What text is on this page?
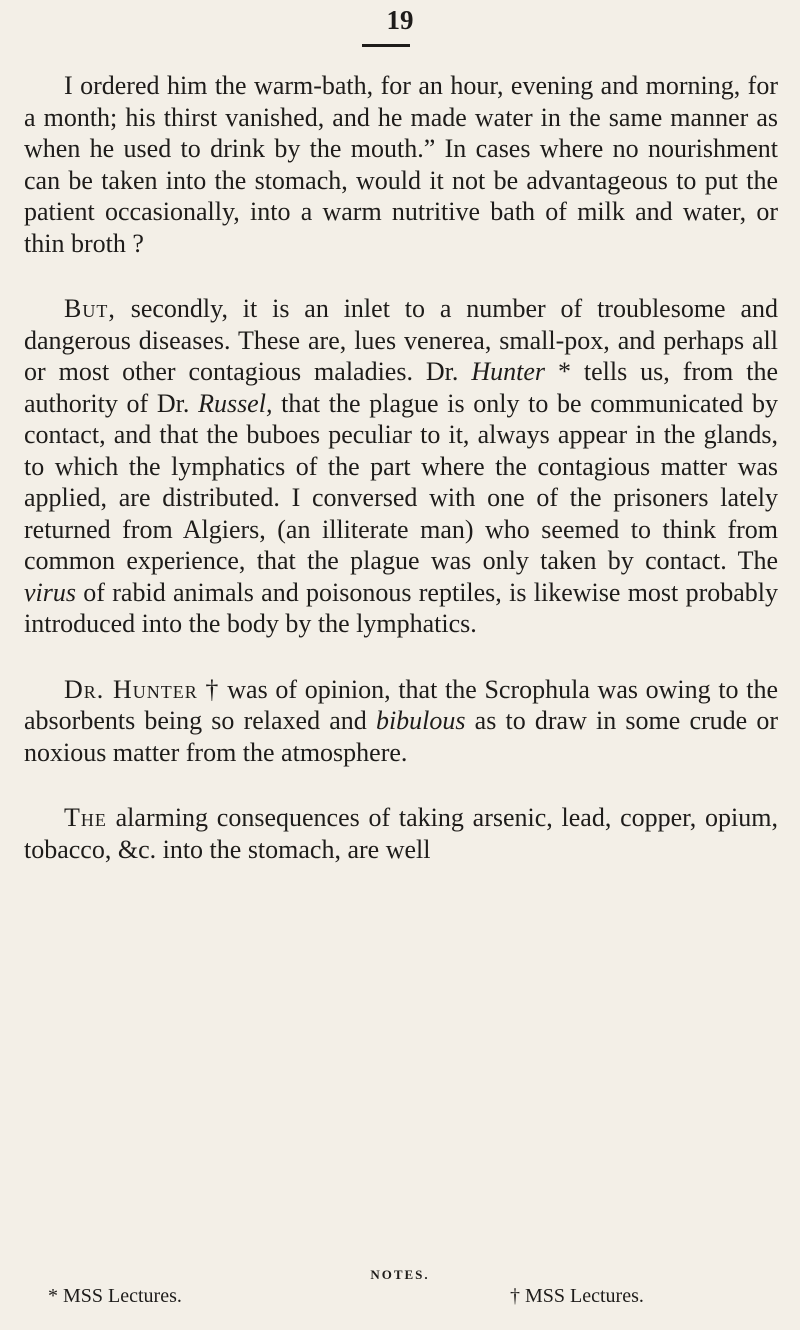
19

I ordered him the warm-bath, for an hour, evening and morning, for a month; his thirst vanished, and he made water in the same manner as when he used to drink by the mouth.” In cases where no nourishment can be taken into the stomach, would it not be advantageous to put the patient occasionally, into a warm nutritive bath of milk and water, or thin broth ?

But, secondly, it is an inlet to a number of troublesome and dangerous diseases. These are, lues venerea, small-pox, and perhaps all or most other contagious maladies. Dr. Hunter * tells us, from the authority of Dr. Russel, that the plague is only to be communicated by contact, and that the buboes peculiar to it, always appear in the glands, to which the lymphatics of the part where the contagious matter was applied, are distributed. I conversed with one of the prisoners lately returned from Algiers, (an illiterate man) who seemed to think from common experience, that the plague was only taken by contact. The virus of rabid animals and poisonous reptiles, is likewise most probably introduced into the body by the lymphatics.

Dr. Hunter † was of opinion, that the Scrophula was owing to the absorbents being so relaxed and bibulous as to draw in some crude or noxious matter from the atmosphere.

The alarming consequences of taking arsenic, lead, copper, opium, tobacco, &c. into the stomach, are well

NOTES.
* MSS Lectures.	† MSS Lectures.
